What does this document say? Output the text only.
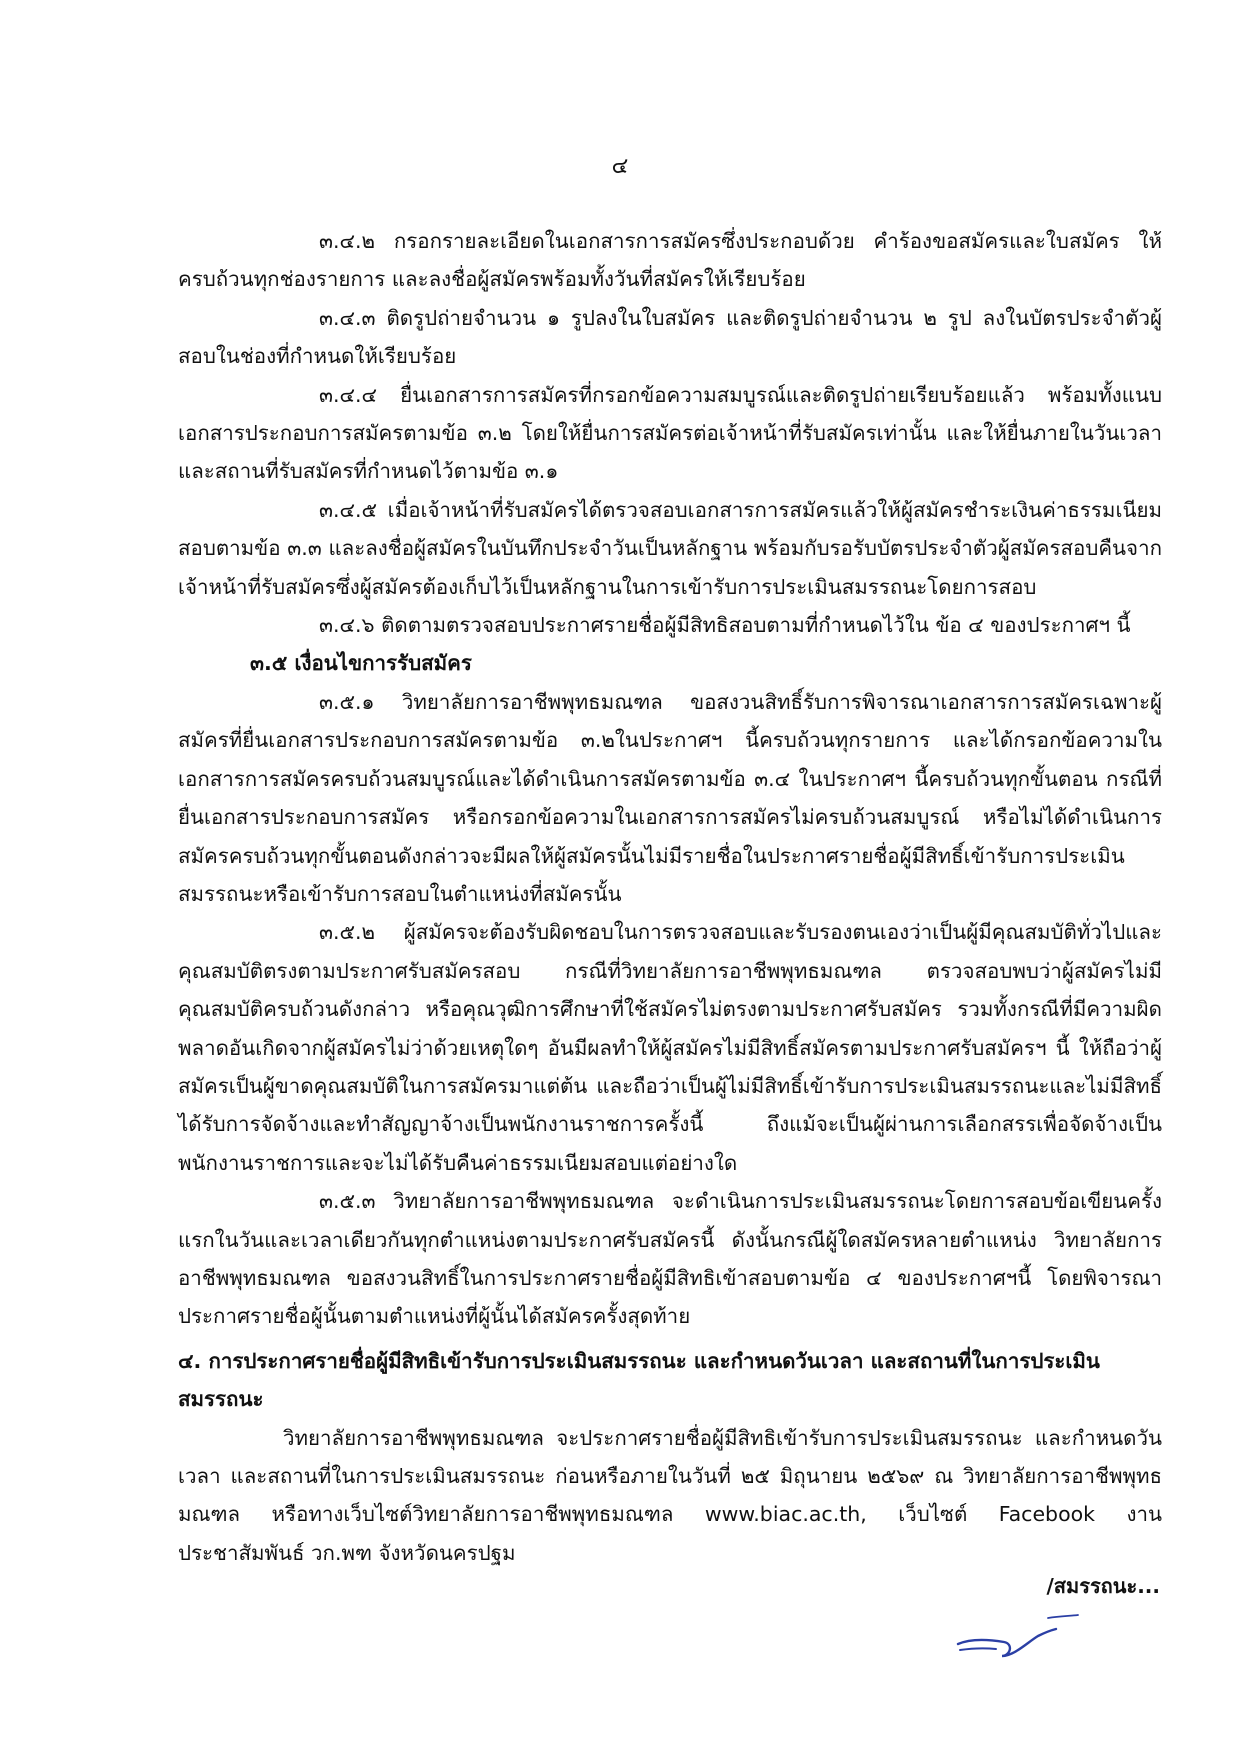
๔

๓.๔.๒ กรอกรายละเอียดในเอกสารการสมัครซึ่งประกอบด้วย คำร้องขอสมัครและใบสมัคร ให้ครบถ้วนทุกช่องรายการ และลงชื่อผู้สมัครพร้อมทั้งวันที่สมัครให้เรียบร้อย

๓.๔.๓ ติดรูปถ่ายจำนวน ๑ รูปลงในใบสมัคร และติดรูปถ่ายจำนวน ๒ รูป ลงในบัตรประจำตัวผู้สอบในช่องที่กำหนดให้เรียบร้อย

๓.๔.๔ ยื่นเอกสารการสมัครที่กรอกข้อความสมบูรณ์และติดรูปถ่ายเรียบร้อยแล้ว พร้อมทั้งแนบเอกสารประกอบการสมัครตามข้อ ๓.๒ โดยให้ยื่นการสมัครต่อเจ้าหน้าที่รับสมัครเท่านั้น และให้ยื่นภายในวันเวลาและสถานที่รับสมัครที่กำหนดไว้ตามข้อ ๓.๑

๓.๔.๕ เมื่อเจ้าหน้าที่รับสมัครได้ตรวจสอบเอกสารการสมัครแล้วให้ผู้สมัครชำระเงินค่าธรรมเนียมสอบตามข้อ ๓.๓ และลงชื่อผู้สมัครในบันทึกประจำวันเป็นหลักฐาน พร้อมกับรอรับบัตรประจำตัวผู้สมัครสอบคืนจากเจ้าหน้าที่รับสมัครซึ่งผู้สมัครต้องเก็บไว้เป็นหลักฐานในการเข้ารับการประเมินสมรรถนะโดยการสอบ

๓.๔.๖ ติดตามตรวจสอบประกาศรายชื่อผู้มีสิทธิสอบตามที่กำหนดไว้ใน ข้อ ๔ ของประกาศฯ นี้

๓.๕ เงื่อนไขการรับสมัคร

๓.๕.๑ วิทยาลัยการอาชีพพุทธมณฑล ขอสงวนสิทธิ์รับการพิจารณาเอกสารการสมัครเฉพาะผู้สมัครที่ยื่นเอกสารประกอบการสมัครตามข้อ ๓.๒ในประกาศฯ นี้ครบถ้วนทุกรายการ และได้กรอกข้อความในเอกสารการสมัครครบถ้วนสมบูรณ์และได้ดำเนินการสมัครตามข้อ ๓.๔ ในประกาศฯ นี้ครบถ้วนทุกขั้นตอน กรณีที่ยื่นเอกสารประกอบการสมัคร หรือกรอกข้อความในเอกสารการสมัครไม่ครบถ้วนสมบูรณ์ หรือไม่ได้ดำเนินการสมัครครบถ้วนทุกขั้นตอนดังกล่าวจะมีผลให้ผู้สมัครนั้นไม่มีรายชื่อในประกาศรายชื่อผู้มีสิทธิ์เข้ารับการประเมินสมรรถนะหรือเข้ารับการสอบในตำแหน่งที่สมัครนั้น

๓.๕.๒ ผู้สมัครจะต้องรับผิดชอบในการตรวจสอบและรับรองตนเองว่าเป็นผู้มีคุณสมบัติทั่วไปและคุณสมบัติตรงตามประกาศรับสมัครสอบ กรณีที่วิทยาลัยการอาชีพพุทธมณฑล ตรวจสอบพบว่าผู้สมัครไม่มีคุณสมบัติครบถ้วนดังกล่าว หรือคุณวุฒิการศึกษาที่ใช้สมัครไม่ตรงตามประกาศรับสมัคร รวมทั้งกรณีที่มีความผิดพลาดอันเกิดจากผู้สมัครไม่ว่าด้วยเหตุใดๆ อันมีผลทำให้ผู้สมัครไม่มีสิทธิ์สมัครตามประกาศรับสมัครฯ นี้ ให้ถือว่าผู้สมัครเป็นผู้ขาดคุณสมบัติในการสมัครมาแต่ต้น และถือว่าเป็นผู้ไม่มีสิทธิ์เข้ารับการประเมินสมรรถนะและไม่มีสิทธิ์ได้รับการจัดจ้างและทำสัญญาจ้างเป็นพนักงานราชการครั้งนี้ ถึงแม้จะเป็นผู้ผ่านการเลือกสรรเพื่อจัดจ้างเป็นพนักงานราชการและจะไม่ได้รับคืนค่าธรรมเนียมสอบแต่อย่างใด

๓.๕.๓ วิทยาลัยการอาชีพพุทธมณฑล จะดำเนินการประเมินสมรรถนะโดยการสอบข้อเขียนครั้งแรกในวันและเวลาเดียวกันทุกตำแหน่งตามประกาศรับสมัครนี้ ดังนั้นกรณีผู้ใดสมัครหลายตำแหน่ง วิทยาลัยการอาชีพพุทธมณฑล ขอสงวนสิทธิ์ในการประกาศรายชื่อผู้มีสิทธิเข้าสอบตามข้อ ๔ ของประกาศฯนี้ โดยพิจารณาประกาศรายชื่อผู้นั้นตามตำแหน่งที่ผู้นั้นได้สมัครครั้งสุดท้าย

๔. การประกาศรายชื่อผู้มีสิทธิเข้ารับการประเมินสมรรถนะ และกำหนดวันเวลา และสถานที่ในการประเมินสมรรถนะ

วิทยาลัยการอาชีพพุทธมณฑล จะประกาศรายชื่อผู้มีสิทธิเข้ารับการประเมินสมรรถนะ และกำหนดวัน เวลา และสถานที่ในการประเมินสมรรถนะ ก่อนหรือภายในวันที่ ๒๕ มิถุนายน ๒๕๖๙ ณ วิทยาลัยการอาชีพพุทธมณฑล หรือทางเว็บไซต์วิทยาลัยการอาชีพพุทธมณฑล www.biac.ac.th, เว็บไซต์ Facebook งานประชาสัมพันธ์ วก.พฑ จังหวัดนครปฐม

/สมรรถนะ...
